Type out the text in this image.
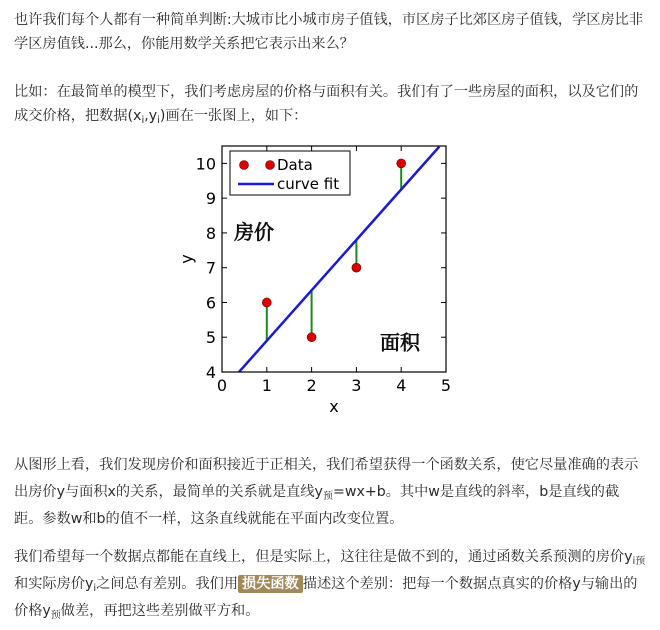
也许我们每个人都有一种简单判断:大城市比小城市房子值钱，市区房子比郊区房子值钱，学区房比非学区房值钱...那么，你能用数学关系把它表示出来么？

比如：在最简单的模型下，我们考虑房屋的价格与面积有关。我们有了一些房屋的面积，以及它们的成交价格，把数据$(x_i,y_i)$画在一张图上，如下：

0 1 2 3 4 5
4
5
6
7
8
9
10
x
y
Data
curve fit
房价
面积

从图形上看，我们发现房价和面积接近于正相关，我们希望获得一个函数关系，使它尽量准确的表示出房价y与面积x的关系，最简单的关系就是直线$y_预=wx+b$。其中w是直线的斜率，b是直线的截距。参数w和b的值不一样，这条直线就能在平面内改变位置。

我们希望每一个数据点都能在直线上，但是实际上，这往往是做不到的，通过函数关系预测的房价$y_{i预}$和实际房价$y_i$之间总有差别。我们用 损失函数 描述这个差别：把每一个数据点真实的价格y与输出的价格$y_预$做差，再把这些差别做平方和。
